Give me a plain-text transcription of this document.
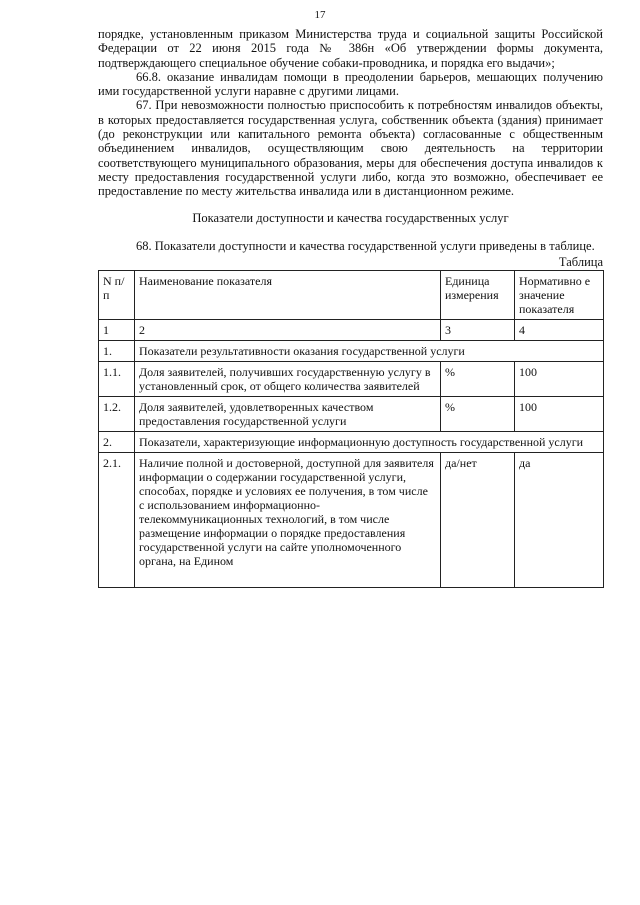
17

порядке, установленным приказом Министерства труда и социальной защиты Российской Федерации от 22 июня 2015 года № 386н «Об утверждении формы документа, подтверждающего специальное обучение собаки-проводника, и порядка его выдачи»;

66.8. оказание инвалидам помощи в преодолении барьеров, мешающих получению ими государственной услуги наравне с другими лицами.

67. При невозможности полностью приспособить к потребностям инвалидов объекты, в которых предоставляется государственная услуга, собственник объекта (здания) принимает (до реконструкции или капитального ремонта объекта) согласованные с общественным объединением инвалидов, осуществляющим свою деятельность на территории соответствующего муниципального образования, меры для обеспечения доступа инвалидов к месту предоставления государственной услуги либо, когда это возможно, обеспечивает ее предоставление по месту жительства инвалида или в дистанционном режиме.

Показатели доступности и качества государственных услуг

68. Показатели доступности и качества государственной услуги приведены в таблице.

Таблица

N п/п	Наименование показателя	Единица измерения	Нормативно е значение показателя
1	2	3	4
1.	Показатели результативности оказания государственной услуги		
1.1.	Доля заявителей, получивших государственную услугу в установленный срок, от общего количества заявителей	%	100
1.2.	Доля заявителей, удовлетворенных качеством предоставления государственной услуги	%	100
2.	Показатели, характеризующие информационную доступность государственной услуги		
2.1.	Наличие полной и достоверной, доступной для заявителя информации о содержании государственной услуги, способах, порядке и условиях ее получения, в том числе с использованием информационно-телекоммуникационных технологий, в том числе размещение информации о порядке предоставления государственной услуги на сайте уполномоченного органа, на Едином	да/нет	да
